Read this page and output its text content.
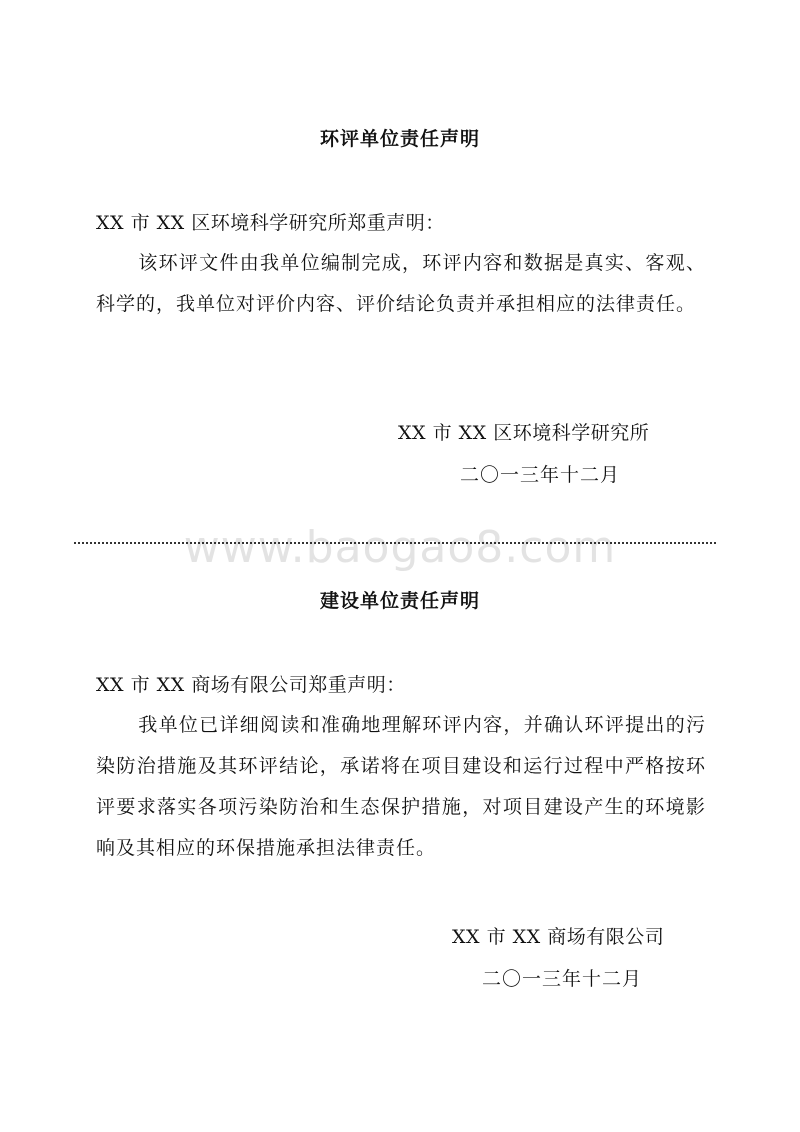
环评单位责任声明
XX 市 XX 区环境科学研究所郑重声明：
该环评文件由我单位编制完成，环评内容和数据是真实、客观、科学的，我单位对评价内容、评价结论负责并承担相应的法律责任。
XX 市 XX 区环境科学研究所
二〇一三年十二月
www.baogao8.com
建设单位责任声明
XX 市 XX 商场有限公司郑重声明：
我单位已详细阅读和准确地理解环评内容，并确认环评提出的污染防治措施及其环评结论，承诺将在项目建设和运行过程中严格按环评要求落实各项污染防治和生态保护措施，对项目建设产生的环境影响及其相应的环保措施承担法律责任。
XX 市 XX 商场有限公司
二〇一三年十二月
